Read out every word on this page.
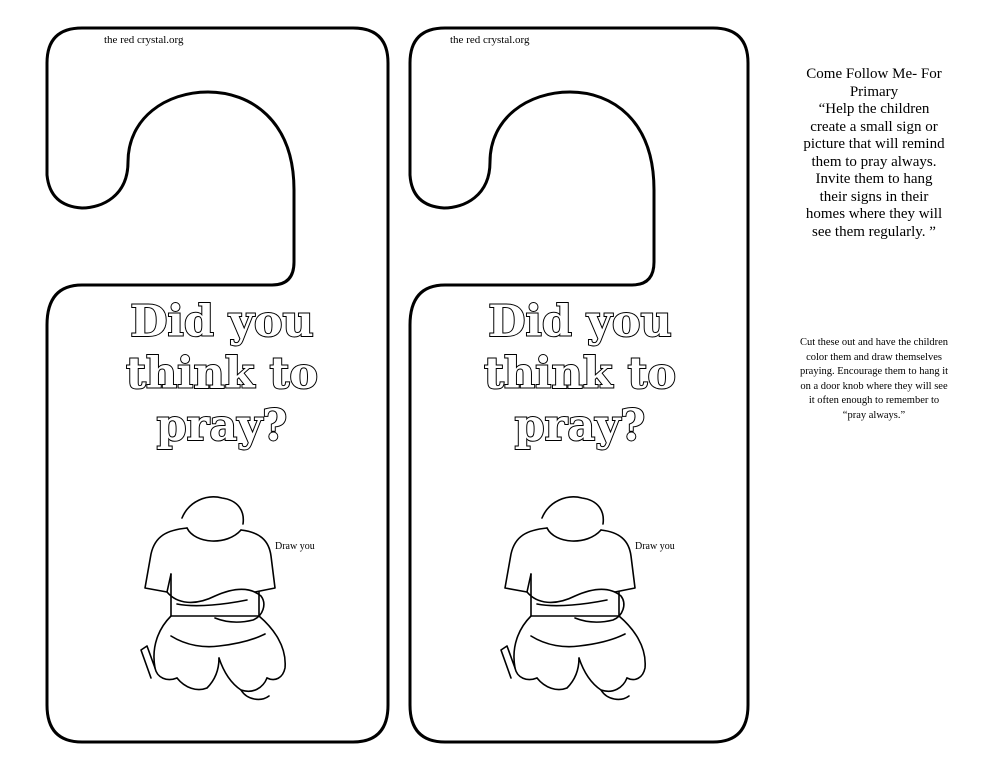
the red crystal.org
Did you
think to
pray?
Draw you
the red crystal.org
Did you
think to
pray?
Draw you
Come Follow Me- For
Primary
“Help the children
create a small sign or
picture that will remind
them to pray always.
Invite them to hang
their signs in their
homes where they will
see them regularly. ”
Cut these out and have the children
color them and draw themselves
praying. Encourage them to hang it
on a door knob where they will see
it often enough to remember to
“pray always.”
